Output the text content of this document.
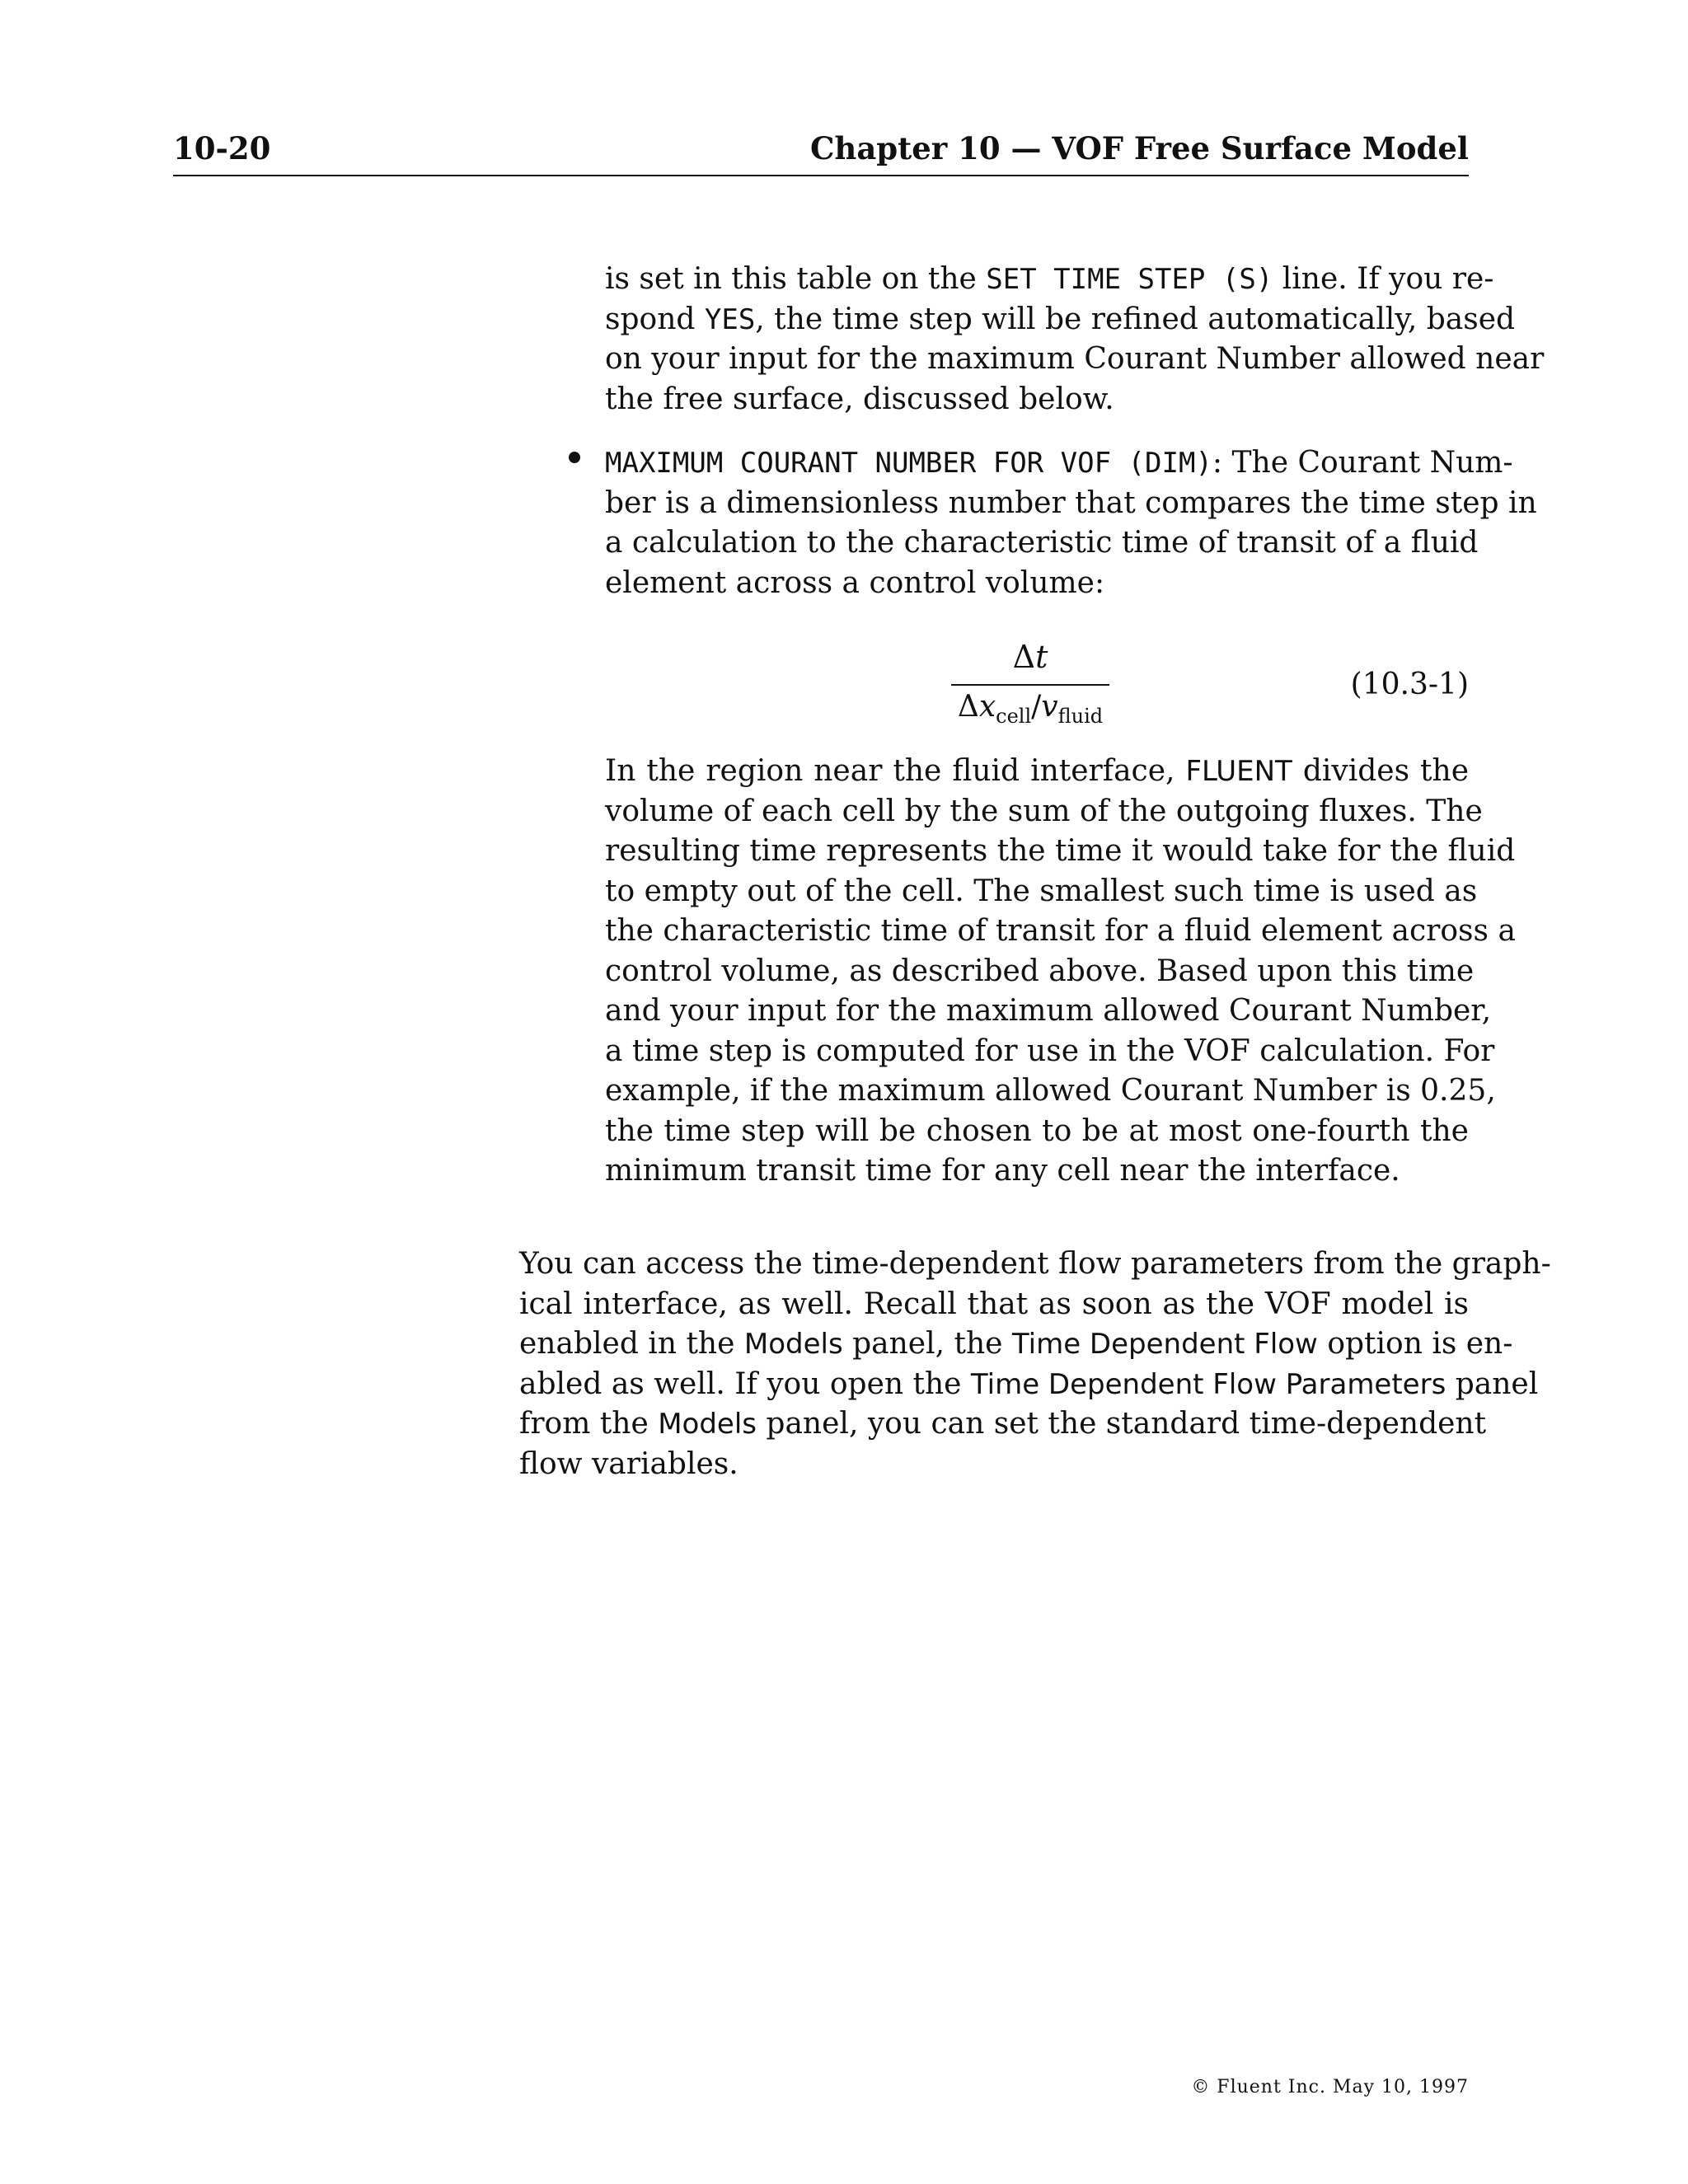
10-20	Chapter 10 — VOF Free Surface Model
is set in this table on the SET TIME STEP (S) line. If you re-
spond YES, the time step will be refined automatically, based
on your input for the maximum Courant Number allowed near
the free surface, discussed below.
MAXIMUM COURANT NUMBER FOR VOF (DIM): The Courant Num-
ber is a dimensionless number that compares the time step in
a calculation to the characteristic time of transit of a fluid
element across a control volume:
Δt
$\Delta x_{cell}/v_{fluid}$
(10.3-1)
In the region near the fluid interface, FLUENT divides the
volume of each cell by the sum of the outgoing fluxes. The
resulting time represents the time it would take for the fluid
to empty out of the cell. The smallest such time is used as
the characteristic time of transit for a fluid element across a
control volume, as described above. Based upon this time
and your input for the maximum allowed Courant Number,
a time step is computed for use in the VOF calculation. For
example, if the maximum allowed Courant Number is 0.25,
the time step will be chosen to be at most one-fourth the
minimum transit time for any cell near the interface.
You can access the time-dependent flow parameters from the graph-
ical interface, as well. Recall that as soon as the VOF model is
enabled in the Models panel, the Time Dependent Flow option is en-
abled as well. If you open the Time Dependent Flow Parameters panel
from the Models panel, you can set the standard time-dependent
flow variables.
© Fluent Inc. May 10, 1997
